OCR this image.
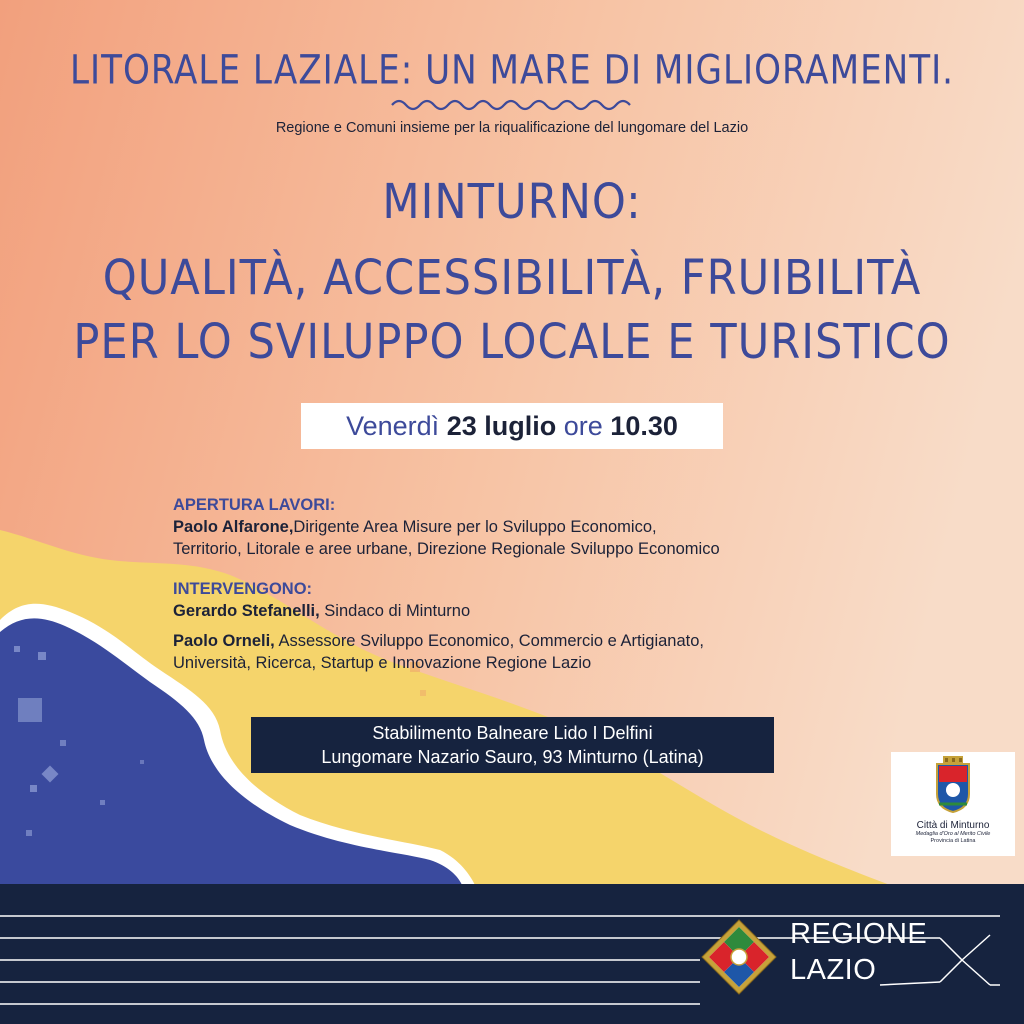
LITORALE LAZIALE: UN MARE DI MIGLIORAMENTI.
Regione e Comuni insieme per la riqualificazione del lungomare del Lazio
MINTURNO:
QUALITÀ, ACCESSIBILITÀ, FRUIBILITÀ
PER LO SVILUPPO LOCALE E TURISTICO
Venerdì 23 luglio ore 10.30
APERTURA LAVORI:
Paolo Alfarone,Dirigente Area Misure per lo Sviluppo Economico,
Territorio, Litorale e aree urbane, Direzione Regionale Sviluppo Economico
INTERVENGONO:
Gerardo Stefanelli, Sindaco di Minturno
Paolo Orneli, Assessore Sviluppo Economico, Commercio e Artigianato,
Università, Ricerca, Startup e Innovazione Regione Lazio
Stabilimento Balneare Lido I Delfini
Lungomare Nazario Sauro, 93 Minturno (Latina)
Città di Minturno
Medaglia d'Oro al Merito Civile
Provincia di Latina
REGIONE
LAZIO
